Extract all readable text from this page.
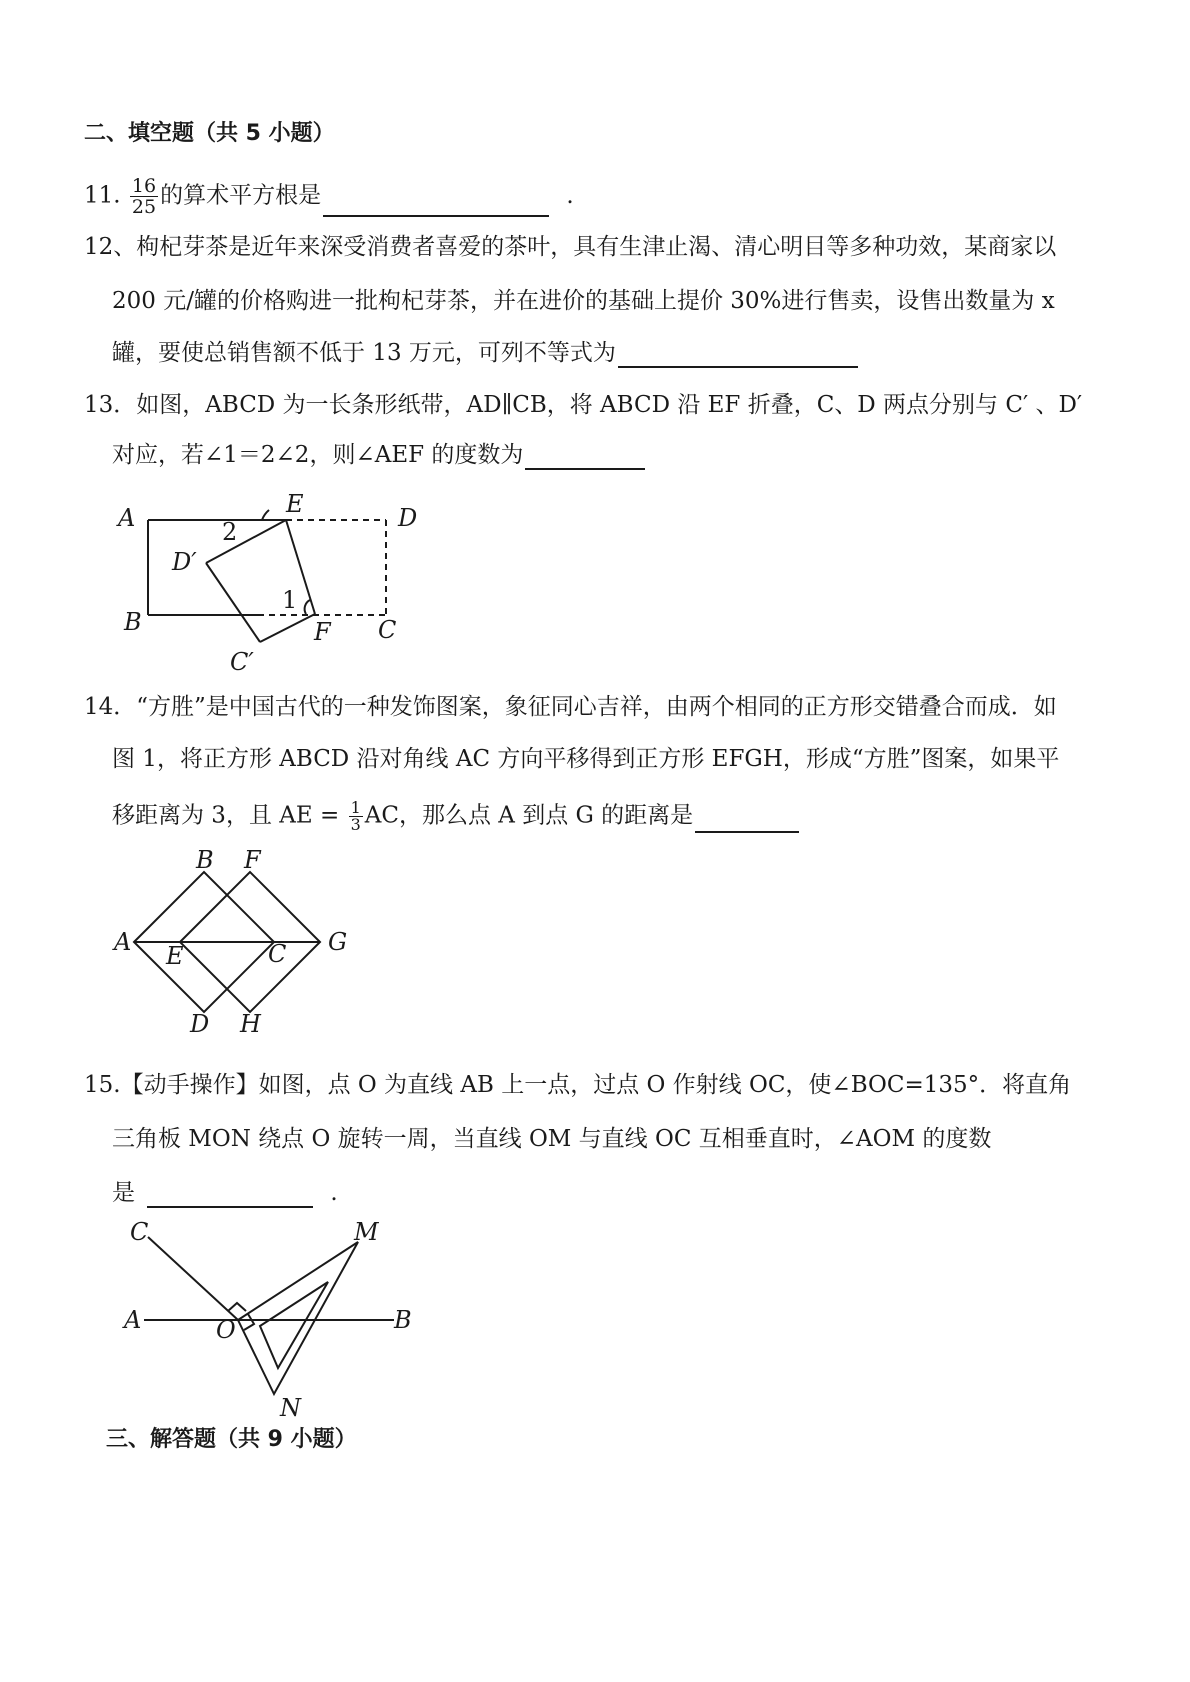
二、填空题（共 5 小题）
11. $\frac{16}{25}$ 的算术平方根是	.
12、枸杞芽茶是近年来深受消费者喜爱的茶叶，具有生津止渴、清心明目等多种功效，某商家以
200 元/罐的价格购进一批枸杞芽茶，并在进价的基础上提价 30%进行售卖，设售出数量为 x
罐，要使总销售额不低于 13 万元，可列不等式为
13．如图，ABCD 为一长条形纸带，AD∥CB，将 ABCD 沿 EF 折叠，C、D 两点分别与 C′ 、D′
对应，若∠1＝2∠2，则∠AEF 的度数为
A	E	D
D′
2
B
1
F C
C′
14．“方胜”是中国古代的一种发饰图案，象征同心吉祥，由两个相同的正方形交错叠合而成．如
图 1，将正方形 ABCD 沿对角线 AC 方向平移得到正方形 EFGH，形成“方胜”图案，如果平
移距离为 3，且 AE = $\frac{1}{3}$ AC，那么点 A 到点 G 的距离是
A
B F
E	C G
D H
15.【动手操作】如图，点 O 为直线 AB 上一点，过点 O 作射线 OC，使∠BOC=135°．将直角
三角板 MON 绕点 O 旋转一周，当直线 OM 与直线 OC 互相垂直时，∠AOM 的度数
是	.
C	M
A	O	B
N
三、解答题（共 9 小题）
